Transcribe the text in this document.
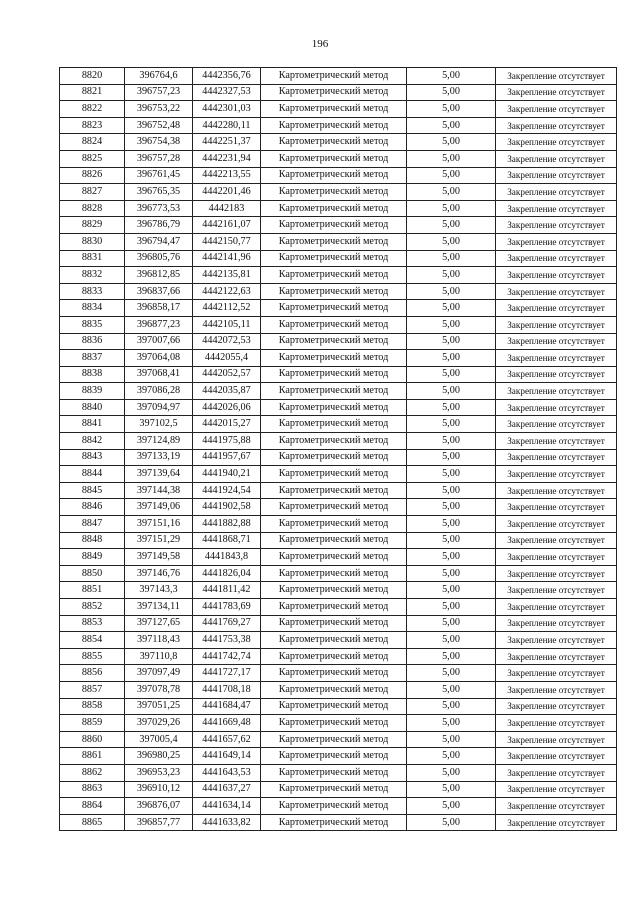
196
8820	396764,6	4442356,76	Картометрический метод	5,00	Закрепление отсутствует
8821	396757,23	4442327,53	Картометрический метод	5,00	Закрепление отсутствует
8822	396753,22	4442301,03	Картометрический метод	5,00	Закрепление отсутствует
8823	396752,48	4442280,11	Картометрический метод	5,00	Закрепление отсутствует
8824	396754,38	4442251,37	Картометрический метод	5,00	Закрепление отсутствует
8825	396757,28	4442231,94	Картометрический метод	5,00	Закрепление отсутствует
8826	396761,45	4442213,55	Картометрический метод	5,00	Закрепление отсутствует
8827	396765,35	4442201,46	Картометрический метод	5,00	Закрепление отсутствует
8828	396773,53	4442183	Картометрический метод	5,00	Закрепление отсутствует
8829	396786,79	4442161,07	Картометрический метод	5,00	Закрепление отсутствует
8830	396794,47	4442150,77	Картометрический метод	5,00	Закрепление отсутствует
8831	396805,76	4442141,96	Картометрический метод	5,00	Закрепление отсутствует
8832	396812,85	4442135,81	Картометрический метод	5,00	Закрепление отсутствует
8833	396837,66	4442122,63	Картометрический метод	5,00	Закрепление отсутствует
8834	396858,17	4442112,52	Картометрический метод	5,00	Закрепление отсутствует
8835	396877,23	4442105,11	Картометрический метод	5,00	Закрепление отсутствует
8836	397007,66	4442072,53	Картометрический метод	5,00	Закрепление отсутствует
8837	397064,08	4442055,4	Картометрический метод	5,00	Закрепление отсутствует
8838	397068,41	4442052,57	Картометрический метод	5,00	Закрепление отсутствует
8839	397086,28	4442035,87	Картометрический метод	5,00	Закрепление отсутствует
8840	397094,97	4442026,06	Картометрический метод	5,00	Закрепление отсутствует
8841	397102,5	4442015,27	Картометрический метод	5,00	Закрепление отсутствует
8842	397124,89	4441975,88	Картометрический метод	5,00	Закрепление отсутствует
8843	397133,19	4441957,67	Картометрический метод	5,00	Закрепление отсутствует
8844	397139,64	4441940,21	Картометрический метод	5,00	Закрепление отсутствует
8845	397144,38	4441924,54	Картометрический метод	5,00	Закрепление отсутствует
8846	397149,06	4441902,58	Картометрический метод	5,00	Закрепление отсутствует
8847	397151,16	4441882,88	Картометрический метод	5,00	Закрепление отсутствует
8848	397151,29	4441868,71	Картометрический метод	5,00	Закрепление отсутствует
8849	397149,58	4441843,8	Картометрический метод	5,00	Закрепление отсутствует
8850	397146,76	4441826,04	Картометрический метод	5,00	Закрепление отсутствует
8851	397143,3	4441811,42	Картометрический метод	5,00	Закрепление отсутствует
8852	397134,11	4441783,69	Картометрический метод	5,00	Закрепление отсутствует
8853	397127,65	4441769,27	Картометрический метод	5,00	Закрепление отсутствует
8854	397118,43	4441753,38	Картометрический метод	5,00	Закрепление отсутствует
8855	397110,8	4441742,74	Картометрический метод	5,00	Закрепление отсутствует
8856	397097,49	4441727,17	Картометрический метод	5,00	Закрепление отсутствует
8857	397078,78	4441708,18	Картометрический метод	5,00	Закрепление отсутствует
8858	397051,25	4441684,47	Картометрический метод	5,00	Закрепление отсутствует
8859	397029,26	4441669,48	Картометрический метод	5,00	Закрепление отсутствует
8860	397005,4	4441657,62	Картометрический метод	5,00	Закрепление отсутствует
8861	396980,25	4441649,14	Картометрический метод	5,00	Закрепление отсутствует
8862	396953,23	4441643,53	Картометрический метод	5,00	Закрепление отсутствует
8863	396910,12	4441637,27	Картометрический метод	5,00	Закрепление отсутствует
8864	396876,07	4441634,14	Картометрический метод	5,00	Закрепление отсутствует
8865	396857,77	4441633,82	Картометрический метод	5,00	Закрепление отсутствует
